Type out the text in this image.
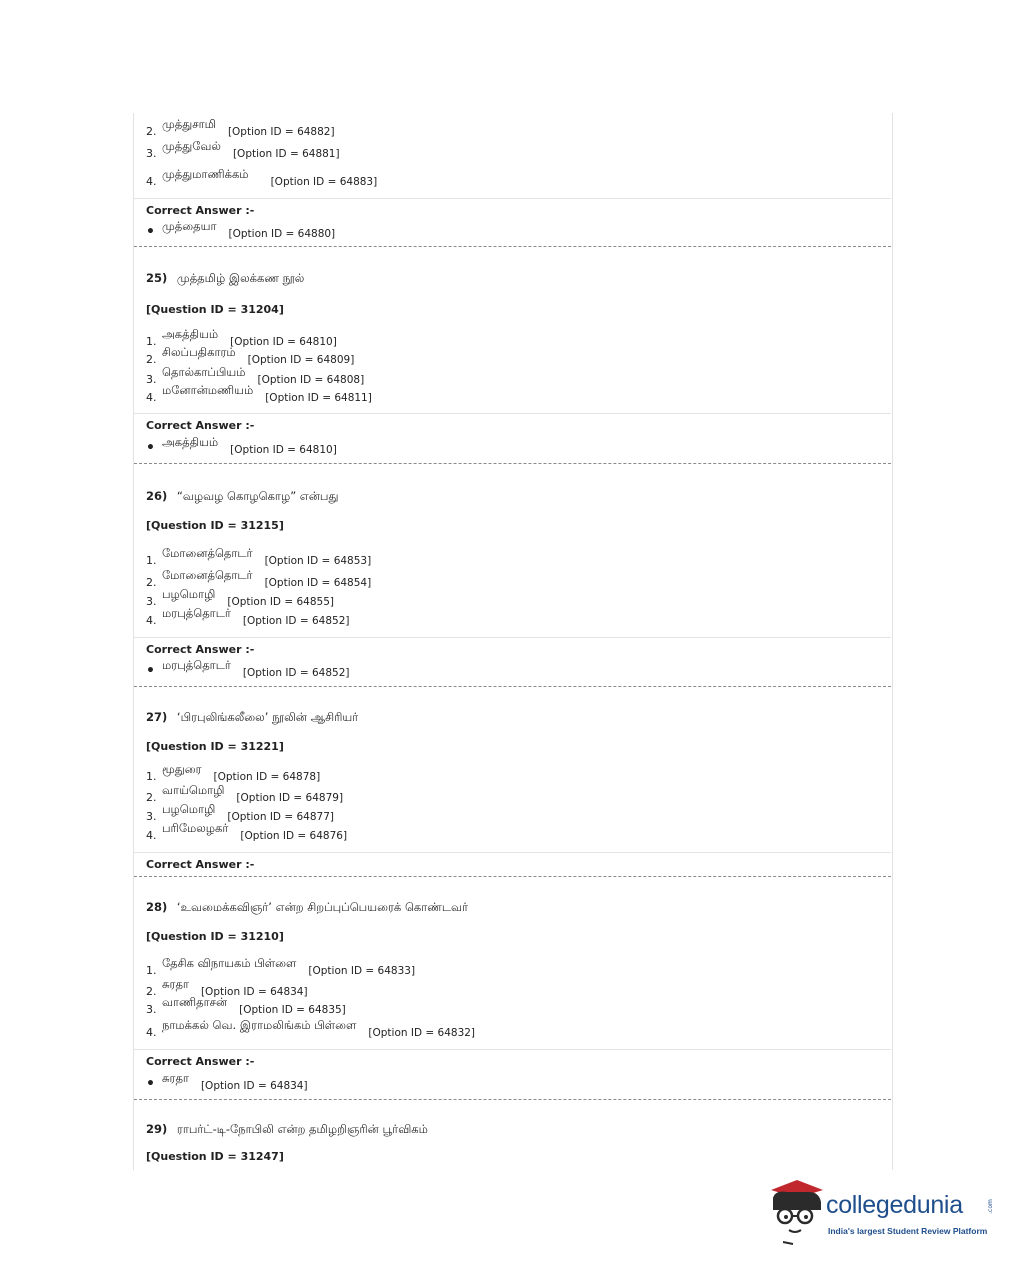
2.
முத்துசாமி
[Option ID = 64882]
3.
முத்துவேல்
[Option ID = 64881]
4.
முத்துமாணிக்கம்
[Option ID = 64883]
Correct Answer :-
• முத்தையா
[Option ID = 64880]
25) முத்தமிழ் இலக்கண நூல்
[Question ID = 31204]
1.
அகத்தியம்
[Option ID = 64810]
2.
சிலப்பதிகாரம்
[Option ID = 64809]
3.
தொல்காப்பியம்
[Option ID = 64808]
4.
மனோன்மணியம்
[Option ID = 64811]
Correct Answer :-
• அகத்தியம்
[Option ID = 64810]
26) “வழவழ கொழகொழ” என்பது
[Question ID = 31215]
1.
மோனைத்தொடர்
[Option ID = 64853]
2.
மோனைத்தொடர்
[Option ID = 64854]
3.
பழமொழி
[Option ID = 64855]
4.
மரபுத்தொடர்
[Option ID = 64852]
Correct Answer :-
• மரபுத்தொடர்
[Option ID = 64852]
27) ‘பிரபுலிங்கலீலை’ நூலின் ஆசிரியர்
[Question ID = 31221]
1.
மூதுரை
[Option ID = 64878]
2.
வாய்மொழி
[Option ID = 64879]
3.
பழமொழி
[Option ID = 64877]
4.
பரிமேலழகர்
[Option ID = 64876]
Correct Answer :-
28) ‘உவமைக்கவிஞர்’ என்ற சிறப்புப்பெயரைக் கொண்டவர்
[Question ID = 31210]
1.
தேசிக விநாயகம் பிள்ளை
[Option ID = 64833]
2.
சுரதா
[Option ID = 64834]
3.
வாணிதாசன்
[Option ID = 64835]
4.
நாமக்கல் வெ. இராமலிங்கம் பிள்ளை
[Option ID = 64832]
Correct Answer :-
• சுரதா
[Option ID = 64834]
29) ராபர்ட்-டி-நோபிலி என்ற தமிழறிஞரின் பூர்விகம்
[Question ID = 31247]
collegedunia	.com
India's largest Student Review Platform
